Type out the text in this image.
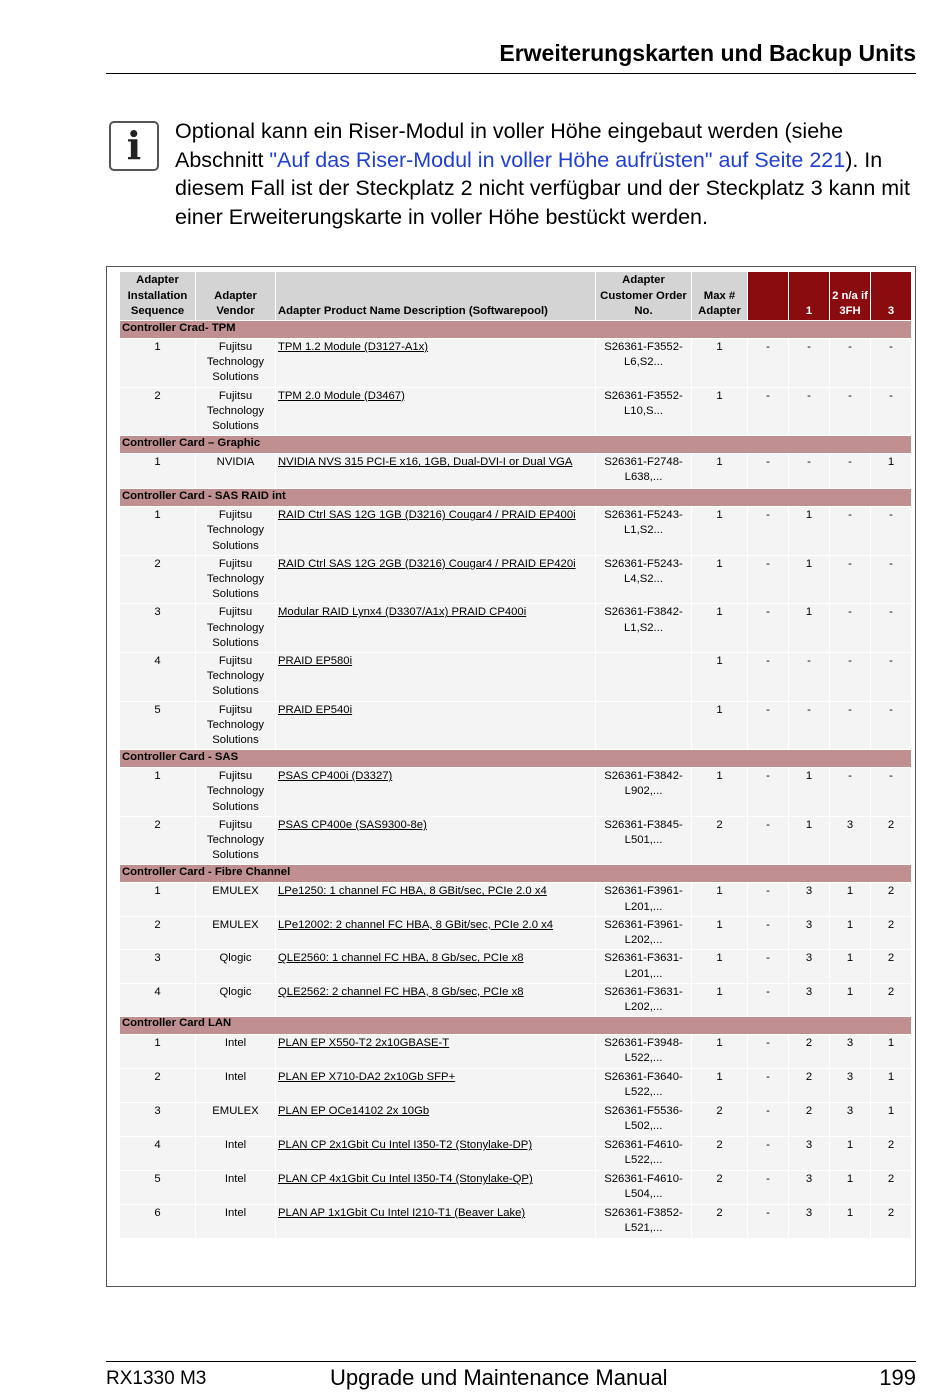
Erweiterungskarten und Backup Units
i	Optional kann ein Riser-Modul in voller Höhe eingebaut werden (siehe Abschnitt "Auf das Riser-Modul in voller Höhe aufrüsten" auf Seite 221). In diesem Fall ist der Steckplatz 2 nicht verfügbar und der Steckplatz 3 kann mit einer Erweiterungskarte in voller Höhe bestückt werden.
Adapter Installation Sequence	Adapter Vendor	Adapter Product Name Description (Softwarepool)	Adapter Customer Order No.	Max # Adapter		1	2 n/a if 3FH	3
Controller Crad- TPM								
1	Fujitsu Technology Solutions	TPM 1.2 Module (D3127-A1x)	S26361-F3552-L6,S2...	1	-	-	-	-
2	Fujitsu Technology Solutions	TPM 2.0 Module (D3467)	S26361-F3552-L10,S...	1	-	-	-	-
Controller Card – Graphic								
1	NVIDIA	NVIDIA NVS 315 PCI-E x16, 1GB, Dual-DVI-I or Dual VGA	S26361-F2748-L638,...	1	-	-	-	1
Controller Card - SAS RAID int								
1	Fujitsu Technology Solutions	RAID Ctrl SAS 12G 1GB (D3216) Cougar4 / PRAID EP400i	S26361-F5243-L1,S2...	1	-	1	-	-
2	Fujitsu Technology Solutions	RAID Ctrl SAS 12G 2GB (D3216) Cougar4 / PRAID EP420i	S26361-F5243-L4,S2...	1	-	1	-	-
3	Fujitsu Technology Solutions	Modular RAID Lynx4 (D3307/A1x) PRAID CP400i	S26361-F3842-L1,S2...	1	-	1	-	-
4	Fujitsu Technology Solutions	PRAID EP580i		1	-	-	-	-
5	Fujitsu Technology Solutions	PRAID EP540i		1	-	-	-	-
Controller Card - SAS								
1	Fujitsu Technology Solutions	PSAS CP400i (D3327)	S26361-F3842-L902,...	1	-	1	-	-
2	Fujitsu Technology Solutions	PSAS CP400e (SAS9300-8e)	S26361-F3845-L501,...	2	-	1	3	2
Controller Card - Fibre Channel								
1	EMULEX	LPe1250: 1 channel FC HBA, 8 GBit/sec, PCIe 2.0 x4	S26361-F3961-L201,...	1	-	3	1	2
2	EMULEX	LPe12002: 2 channel FC HBA, 8 GBit/sec, PCIe 2.0 x4	S26361-F3961-L202,...	1	-	3	1	2
3	Qlogic	QLE2560: 1 channel FC HBA, 8 Gb/sec, PCIe x8	S26361-F3631-L201,...	1	-	3	1	2
4	Qlogic	QLE2562: 2 channel FC HBA, 8 Gb/sec, PCIe x8	S26361-F3631-L202,...	1	-	3	1	2
Controller Card LAN								
1	Intel	PLAN EP X550-T2 2x10GBASE-T	S26361-F3948-L522,...	1	-	2	3	1
2	Intel	PLAN EP X710-DA2 2x10Gb SFP+	S26361-F3640-L522,...	1	-	2	3	1
3	EMULEX	PLAN EP OCe14102 2x 10Gb	S26361-F5536-L502,...	2	-	2	3	1
4	Intel	PLAN CP 2x1Gbit Cu Intel I350-T2 (Stonylake-DP)	S26361-F4610-L522,...	2	-	3	1	2
5	Intel	PLAN CP 4x1Gbit Cu Intel I350-T4 (Stonylake-QP)	S26361-F4610-L504,...	2	-	3	1	2
6	Intel	PLAN AP 1x1Gbit Cu Intel I210-T1 (Beaver Lake)	S26361-F3852-L521,...	2	-	3	1	2
RX1330 M3	Upgrade und Maintenance Manual	199
